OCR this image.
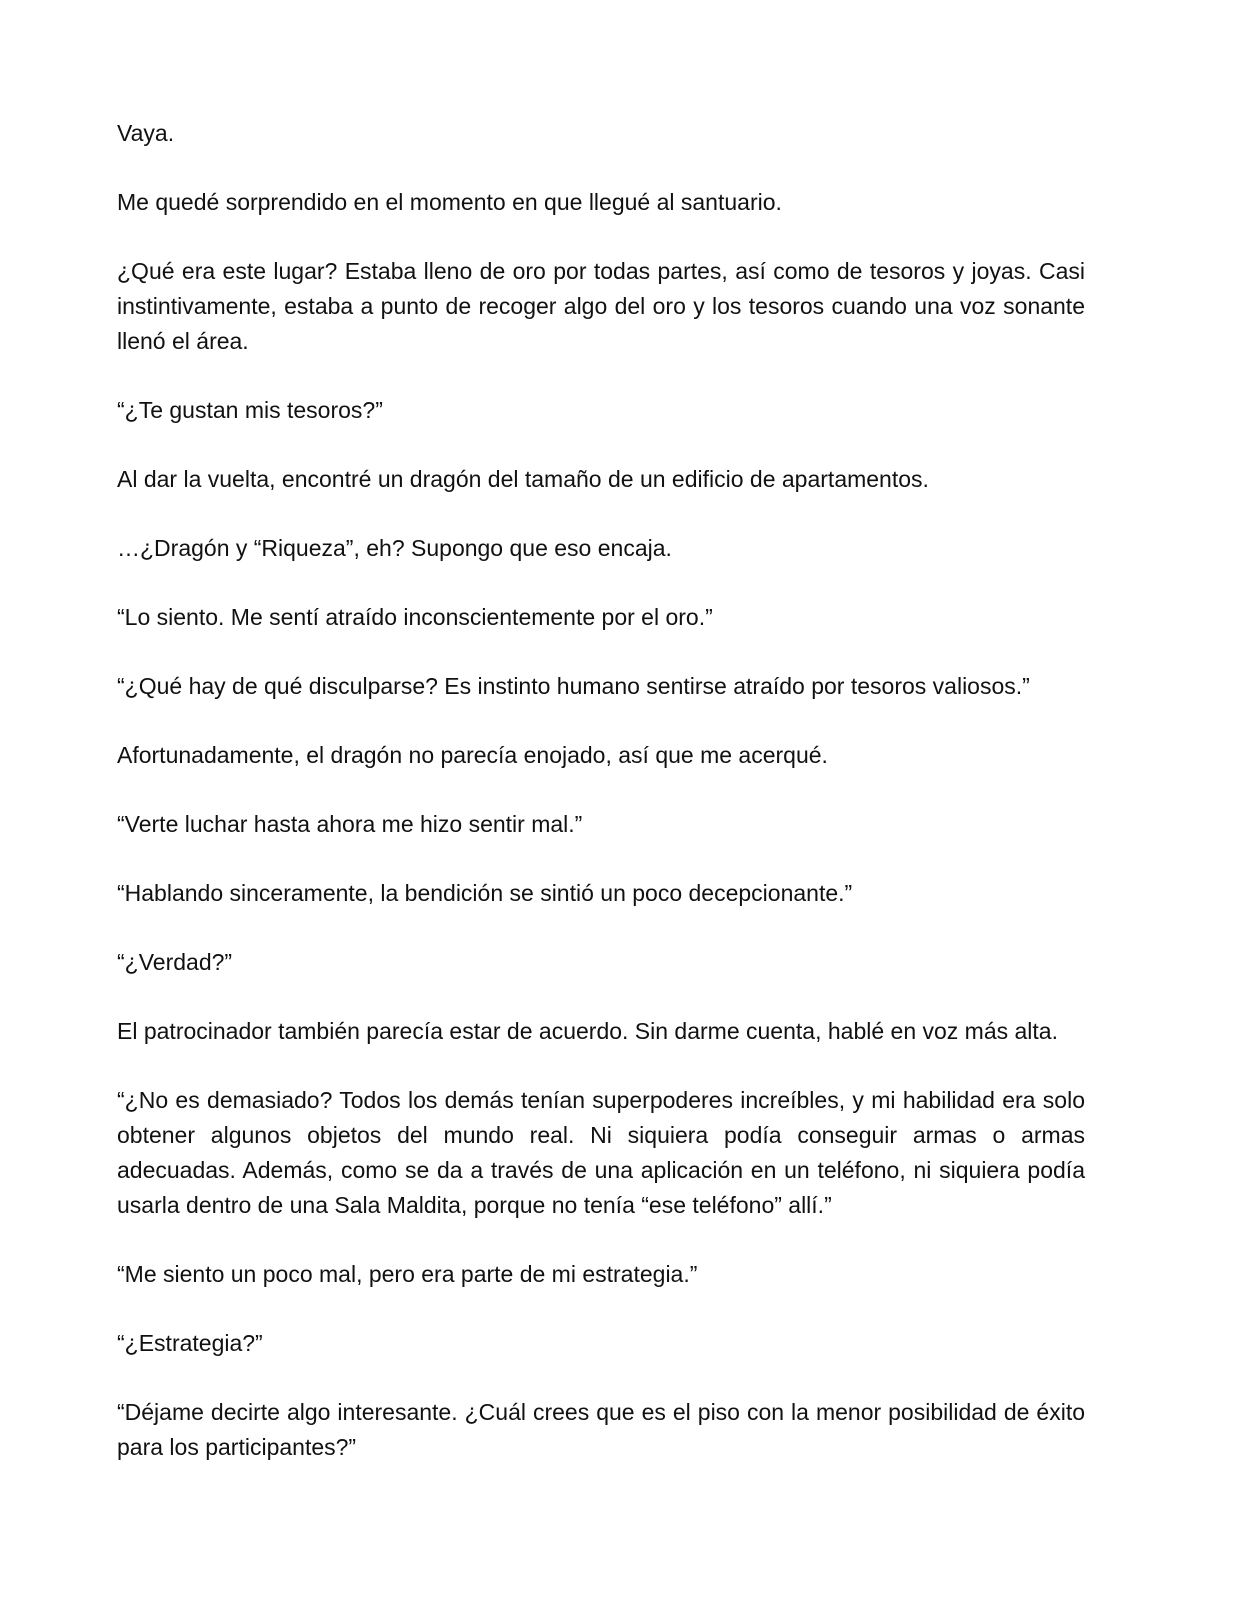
Vaya.

Me quedé sorprendido en el momento en que llegué al santuario.

¿Qué era este lugar? Estaba lleno de oro por todas partes, así como de tesoros y joyas. Casi instintivamente, estaba a punto de recoger algo del oro y los tesoros cuando una voz sonante llenó el área.

“¿Te gustan mis tesoros?”

Al dar la vuelta, encontré un dragón del tamaño de un edificio de apartamentos.

…¿Dragón y “Riqueza”, eh? Supongo que eso encaja.

“Lo siento. Me sentí atraído inconscientemente por el oro.”

“¿Qué hay de qué disculparse? Es instinto humano sentirse atraído por tesoros valiosos.”

Afortunadamente, el dragón no parecía enojado, así que me acerqué.

“Verte luchar hasta ahora me hizo sentir mal.”

“Hablando sinceramente, la bendición se sintió un poco decepcionante.”

“¿Verdad?”

El patrocinador también parecía estar de acuerdo. Sin darme cuenta, hablé en voz más alta.

“¿No es demasiado? Todos los demás tenían superpoderes increíbles, y mi habilidad era solo obtener algunos objetos del mundo real. Ni siquiera podía conseguir armas o armas adecuadas. Además, como se da a través de una aplicación en un teléfono, ni siquiera podía usarla dentro de una Sala Maldita, porque no tenía “ese teléfono” allí.”

“Me siento un poco mal, pero era parte de mi estrategia.”

“¿Estrategia?”

“Déjame decirte algo interesante. ¿Cuál crees que es el piso con la menor posibilidad de éxito para los participantes?”
